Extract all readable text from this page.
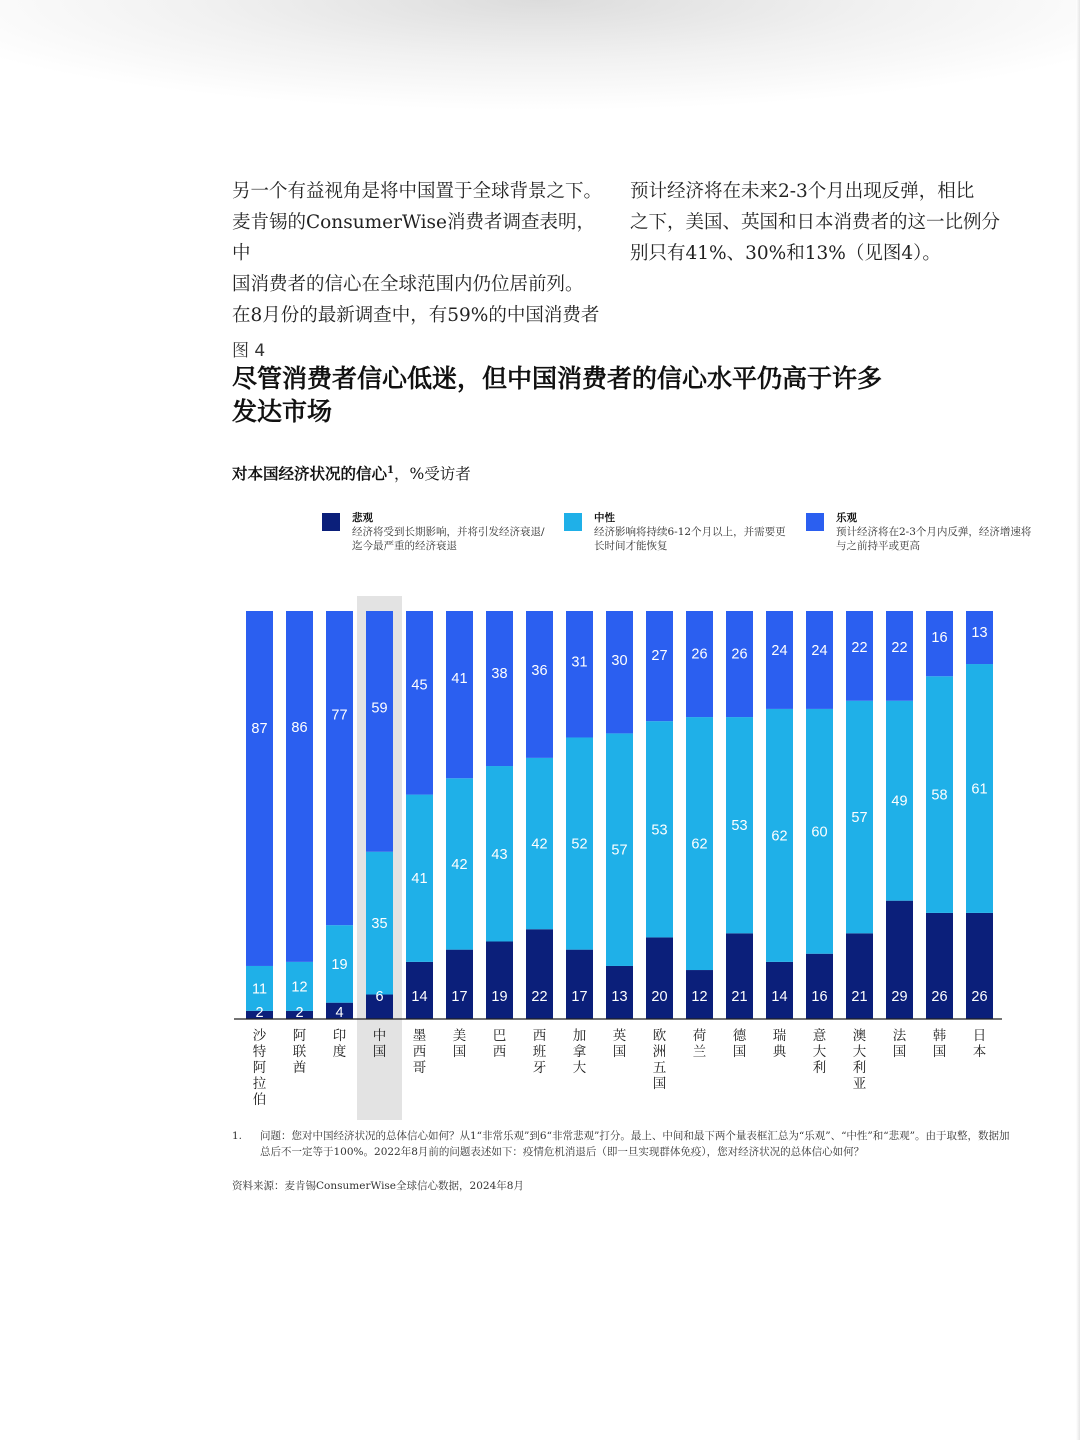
另一个有益视角是将中国置于全球背景之下。

麦肯锡的ConsumerWise消费者调查表明，中

国消费者的信心在全球范围内仍位居前列。

在8月份的最新调查中，有59%的中国消费者

预计经济将在未来2-3个月出现反弹，相比

之下，美国、英国和日本消费者的这一比例分

别只有41%、30%和13%（见图4）。

图 4

尽管消费者信心低迷，但中国消费者的信心水平仍高于许多

发达市场

对本国经济状况的信心$^1$，%受访者
悲观
经济将受到长期影响，并将引发经济衰退/迄今最严重的经济衰退
中性
经济影响将持续6-12个月以上，并需要更长时间才能恢复
乐观
预计经济将在2-3个月内反弹，经济增速将与之前持平或更高
2
11
87
沙特阿拉伯
2
12
86
阿联酋
4
19
77
印度
6
35
59
中国
14
41
45
墨西哥
17
42
41
美国
19
43
38
巴西
22
42
36
西班牙
17
52
31
加拿大
13
57
30
英国
20
53
27
欧洲五国
12
62
26
荷兰
21
53
26
德国
14
62
24
瑞典
16
60
24
意大利
21
57
22
澳大利亚
29
49
22
法国
26
58
16
韩国
26
61
13
日本
1. 问题：您对中国经济状况的总体信心如何？从1“非常乐观”到6“非常悲观”打分。最上、中间和最下两个量表框汇总为“乐观”、“中性”和“悲观”。由于取整，数据加总后不一定等于100%。2022年8月前的问题表述如下：疫情危机消退后（即一旦实现群体免疫），您对经济状况的总体信心如何？
资料来源：麦肯锡ConsumerWise全球信心数据，2024年8月
